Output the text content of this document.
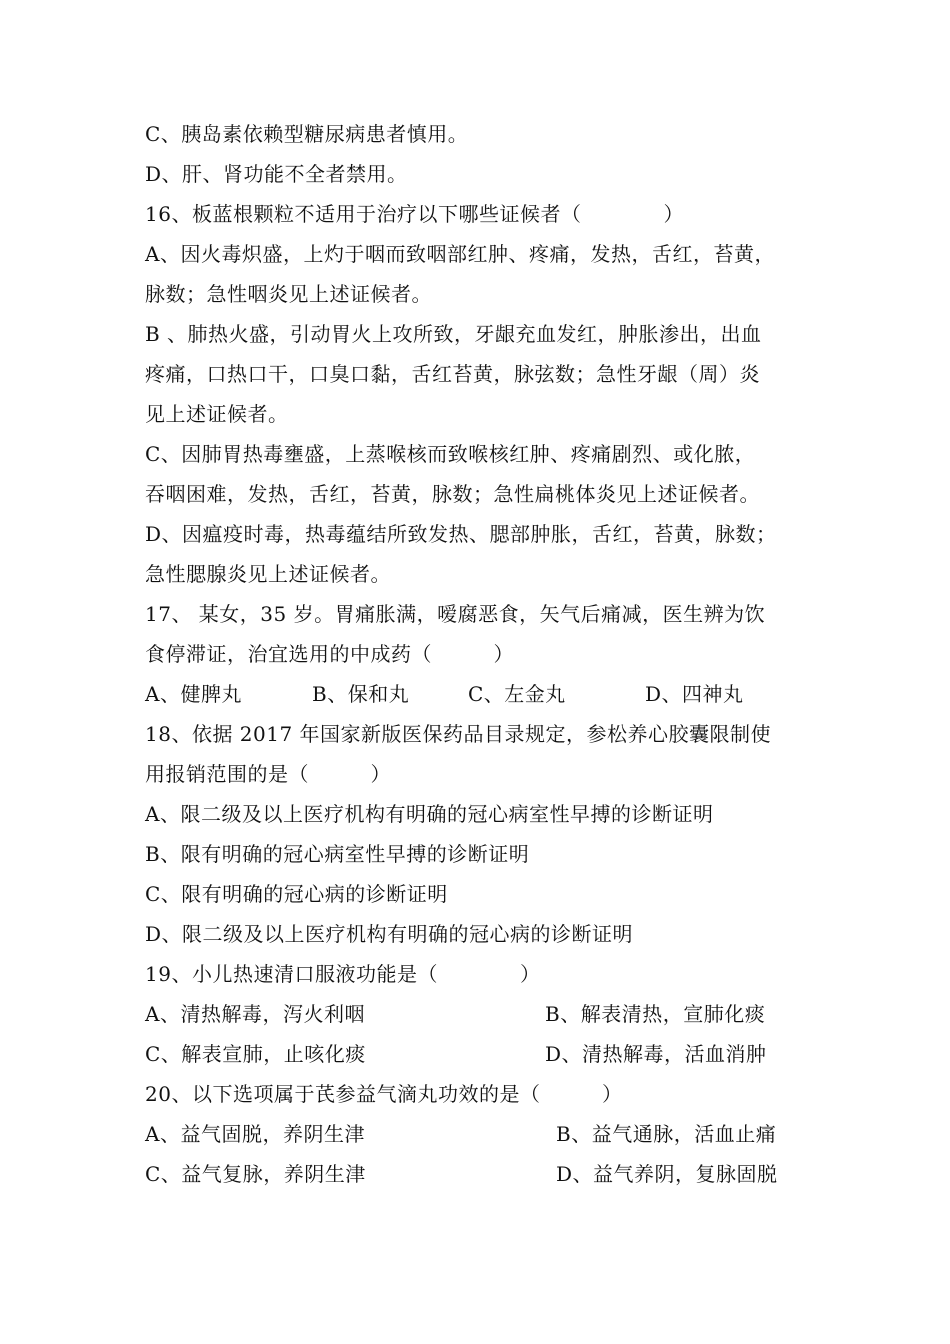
C、胰岛素依赖型糖尿病患者慎用。
D、肝、肾功能不全者禁用。
16、板蓝根颗粒不适用于治疗以下哪些证候者（　　　　）
A、因火毒炽盛，上灼于咽而致咽部红肿、疼痛，发热，舌红，苔黄，
脉数；急性咽炎见上述证候者。
B 、肺热火盛，引动胃火上攻所致，牙龈充血发红，肿胀渗出，出血
疼痛，口热口干，口臭口黏，舌红苔黄，脉弦数；急性牙龈（周）炎
见上述证候者。
C、因肺胃热毒壅盛，上蒸喉核而致喉核红肿、疼痛剧烈、或化脓，
吞咽困难，发热，舌红，苔黄，脉数；急性扁桃体炎见上述证候者。
D、因瘟疫时毒，热毒蕴结所致发热、腮部肿胀，舌红，苔黄，脉数；
急性腮腺炎见上述证候者。
17、 某女，35 岁。胃痛胀满，嗳腐恶食，矢气后痛减，医生辨为饮
食停滞证，治宜选用的中成药（　　　）
A、健脾丸	B、保和丸	C、左金丸	D、四神丸
18、依据 2017 年国家新版医保药品目录规定，参松养心胶囊限制使
用报销范围的是（　　　）
A、限二级及以上医疗机构有明确的冠心病室性早搏的诊断证明
B、限有明确的冠心病室性早搏的诊断证明
C、限有明确的冠心病的诊断证明
D、限二级及以上医疗机构有明确的冠心病的诊断证明
19、小儿热速清口服液功能是（　　　　）
A、清热解毒，泻火利咽	B、解表清热，宣肺化痰
C、解表宣肺，止咳化痰	D、清热解毒，活血消肿
20、以下选项属于芪参益气滴丸功效的是（　　　）
A、益气固脱，养阴生津	B、益气通脉，活血止痛
C、益气复脉，养阴生津	D、益气养阴，复脉固脱
